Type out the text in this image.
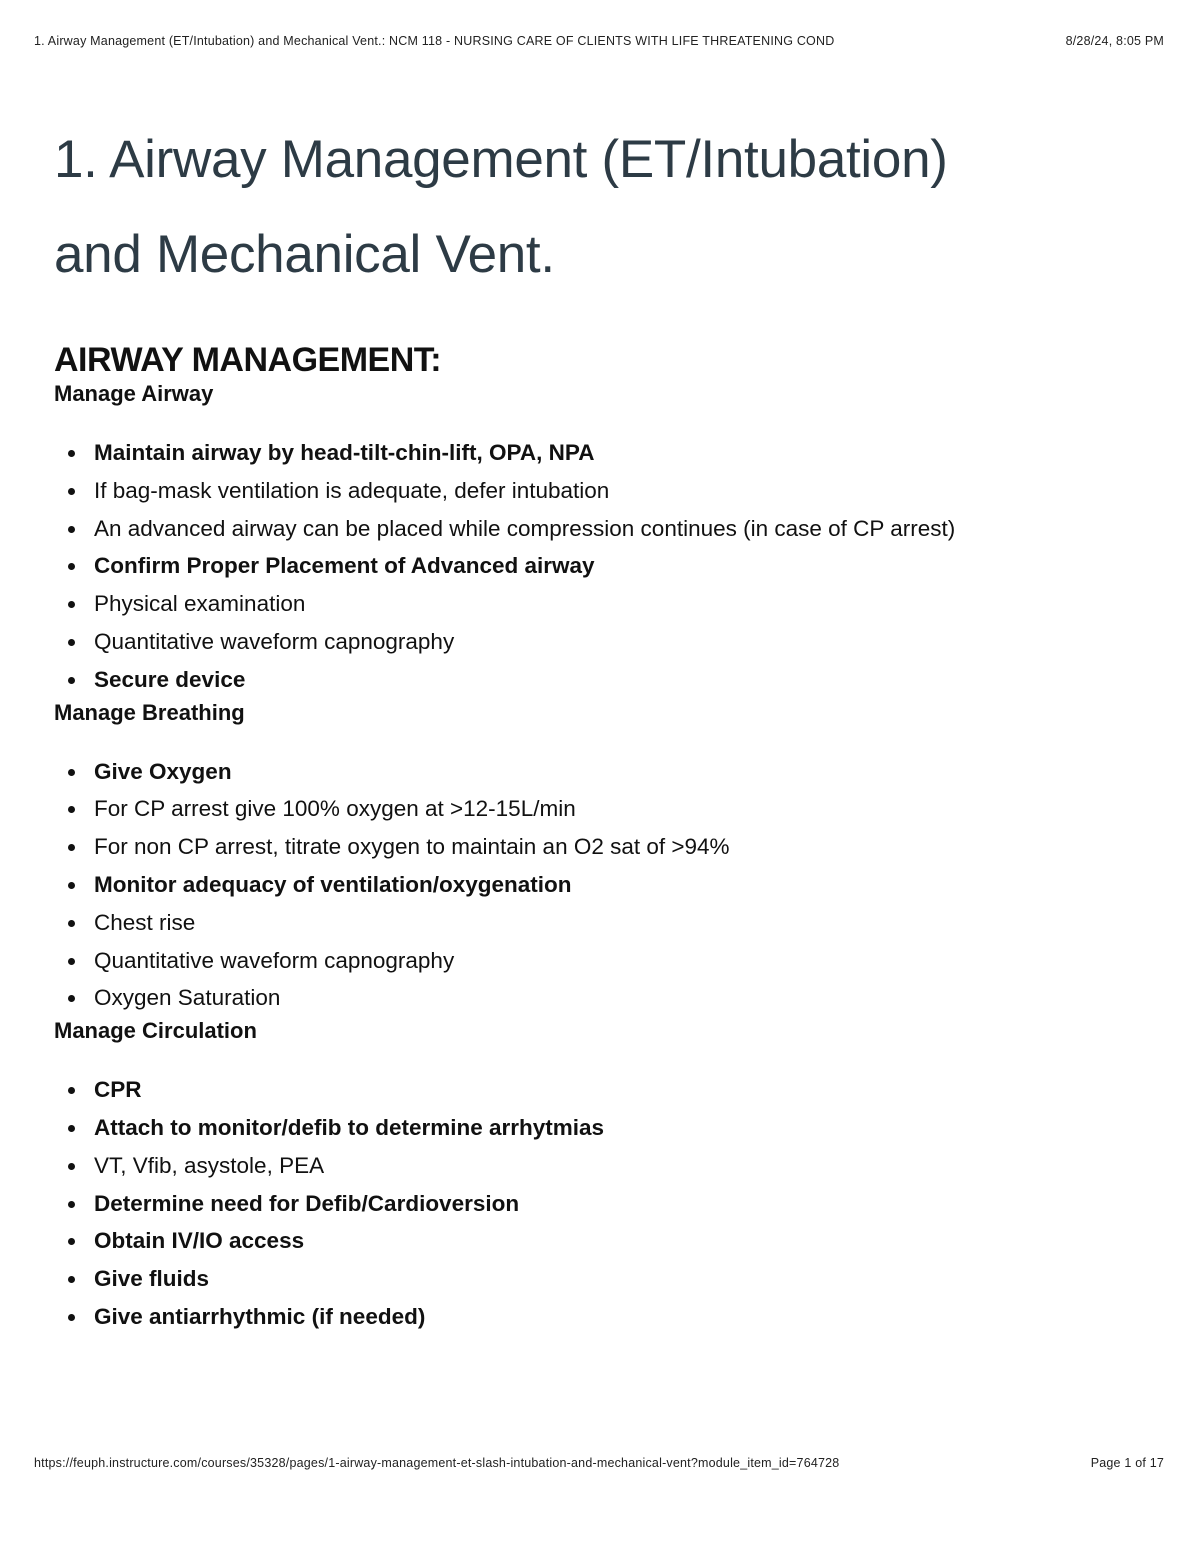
1. Airway Management (ET/Intubation) and Mechanical Vent.: NCM 118 - NURSING CARE OF CLIENTS WITH LIFE THREATENING COND	8/28/24, 8:05 PM
1. Airway Management (ET/Intubation)
and Mechanical Vent.
AIRWAY MANAGEMENT:
Manage Airway
Maintain airway by head-tilt-chin-lift, OPA, NPA
If bag-mask ventilation is adequate, defer intubation
An advanced airway can be placed while compression continues (in case of CP arrest)
Confirm Proper Placement of Advanced airway
Physical examination
Quantitative waveform capnography
Secure device
Manage Breathing
Give Oxygen
For CP arrest give 100% oxygen at >12-15L/min
For non CP arrest, titrate oxygen to maintain an O2 sat of >94%
Monitor adequacy of ventilation/oxygenation
Chest rise
Quantitative waveform capnography
Oxygen Saturation
Manage Circulation
CPR
Attach to monitor/defib to determine arrhytmias
VT, Vfib, asystole, PEA
Determine need for Defib/Cardioversion
Obtain IV/IO access
Give fluids
Give antiarrhythmic (if needed)
https://feuph.instructure.com/courses/35328/pages/1-airway-management-et-slash-intubation-and-mechanical-vent?module_item_id=764728	Page 1 of 17
